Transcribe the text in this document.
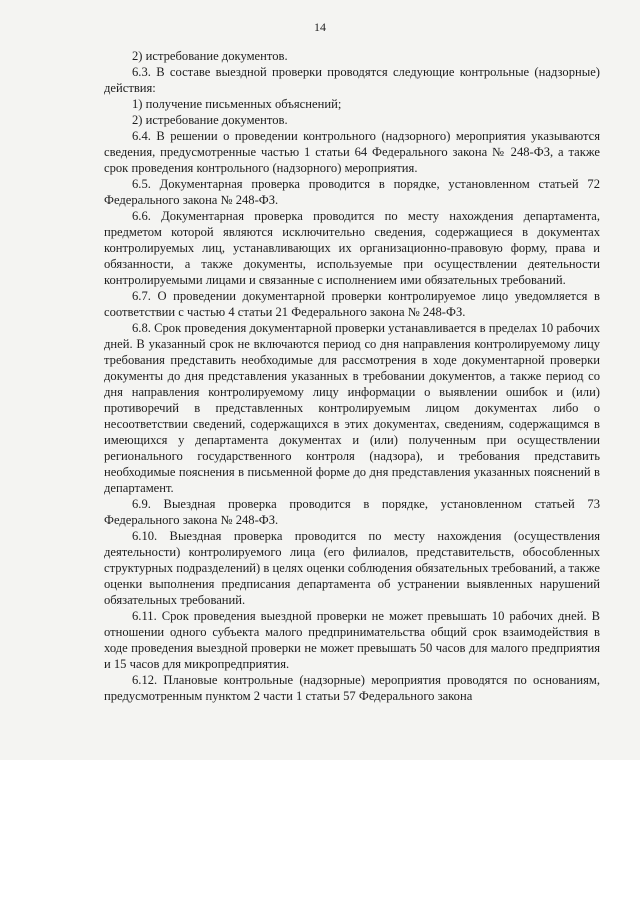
14

2) истребование документов.

6.3. В составе выездной проверки проводятся следующие контрольные (надзорные) действия:

1) получение письменных объяснений;

2) истребование документов.

6.4. В решении о проведении контрольного (надзорного) мероприятия указываются сведения, предусмотренные частью 1 статьи 64 Федерального закона № 248-ФЗ, а также срок проведения контрольного (надзорного) мероприятия.

6.5. Документарная проверка проводится в порядке, установленном статьей 72 Федерального закона № 248-ФЗ.

6.6. Документарная проверка проводится по месту нахождения департамента, предметом которой являются исключительно сведения, содержащиеся в документах контролируемых лиц, устанавливающих их организационно-правовую форму, права и обязанности, а также документы, используемые при осуществлении деятельности контролируемыми лицами и связанные с исполнением ими обязательных требований.

6.7. О проведении документарной проверки контролируемое лицо уведомляется в соответствии с частью 4 статьи 21 Федерального закона № 248-ФЗ.

6.8. Срок проведения документарной проверки устанавливается в пределах 10 рабочих дней. В указанный срок не включаются период со дня направления контролируемому лицу требования представить необходимые для рассмотрения в ходе документарной проверки документы до дня представления указанных в требовании документов, а также период со дня направления контролируемому лицу информации о выявлении ошибок и (или) противоречий в представленных контролируемым лицом документах либо о несоответствии сведений, содержащихся в этих документах, сведениям, содержащимся в имеющихся у департамента документах и (или) полученным при осуществлении регионального государственного контроля (надзора), и требования представить необходимые пояснения в письменной форме до дня представления указанных пояснений в департамент.

6.9. Выездная проверка проводится в порядке, установленном статьей 73 Федерального закона № 248-ФЗ.

6.10. Выездная проверка проводится по месту нахождения (осуществления деятельности) контролируемого лица (его филиалов, представительств, обособленных структурных подразделений) в целях оценки соблюдения обязательных требований, а также оценки выполнения предписания департамента об устранении выявленных нарушений обязательных требований.

6.11. Срок проведения выездной проверки не может превышать 10 рабочих дней. В отношении одного субъекта малого предпринимательства общий срок взаимодействия в ходе проведения выездной проверки не может превышать 50 часов для малого предприятия и 15 часов для микропредприятия.

6.12. Плановые контрольные (надзорные) мероприятия проводятся по основаниям, предусмотренным пунктом 2 части 1 статьи 57 Федерального закона
